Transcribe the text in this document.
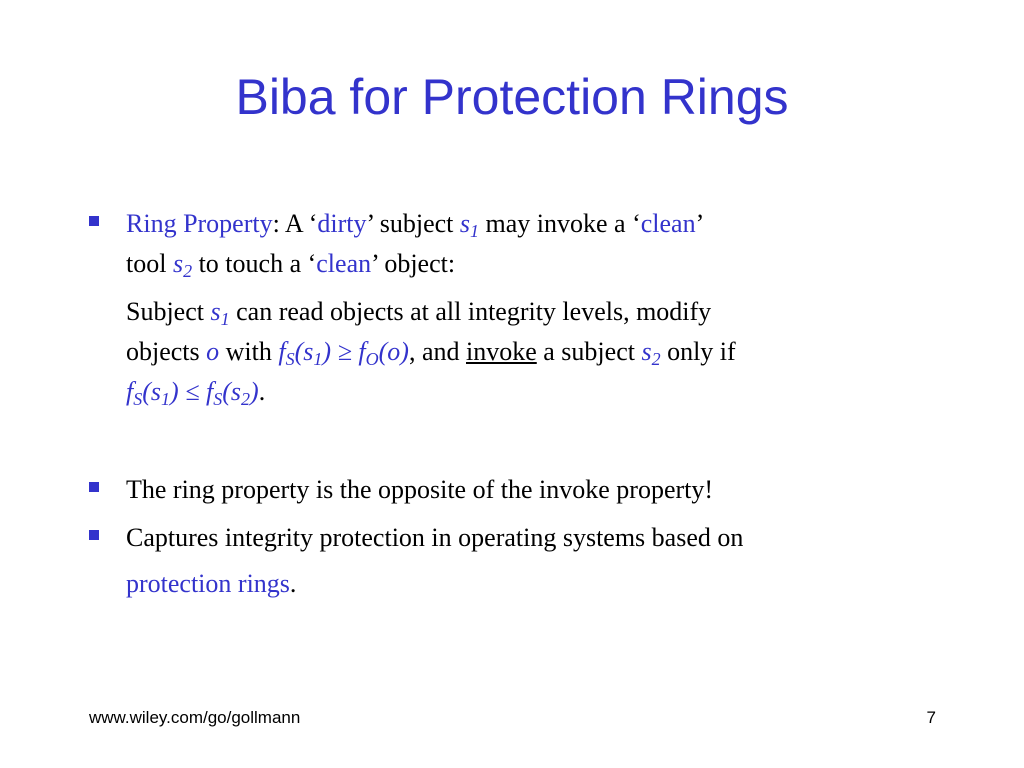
Biba for Protection Rings
Ring Property: A ‘dirty’ subject $s_1$ may invoke a ‘clean’
tool $s_2$ to touch a ‘clean’ object:
Subject $s_1$ can read objects at all integrity levels, modify
objects o with $f_S(s_1) \ge f_O(o)$, and invoke a subject $s_2$ only if
$f_S(s_1) \le f_S(s_2)$.
The ring property is the opposite of the invoke property!
Captures integrity protection in operating systems based on
protection rings.
www.wiley.com/go/gollmann	7
